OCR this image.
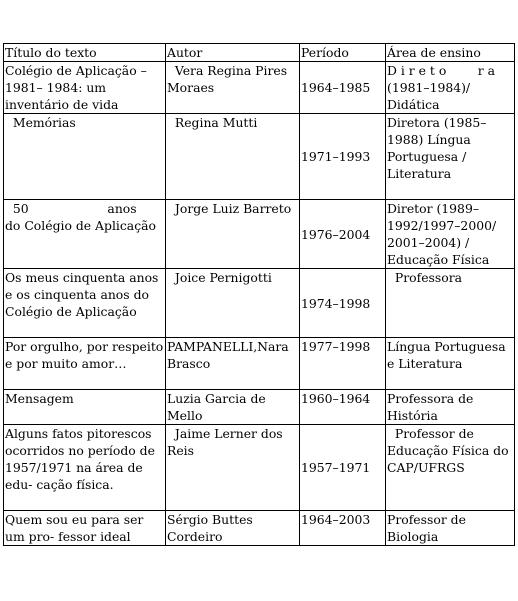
Título do texto	Autor	Período	Área de ensino
Colégio de Aplicação – 1981– 1984: um inventário de vida	Vera Regina Pires Moraes	1964–1985	D i r e t o        r a (1981–1984)/ Didática
Memórias	Regina Mutti	1971–1993	Diretora (1985–1988) Língua Portuguesa / Literatura
50                    anos     do Colégio de Aplicação	Jorge Luiz Barreto	1976–2004	Diretor (1989– 1992/1997–2000/ 2001–2004) / Educação Física
Os meus cinquenta anos e os cinquenta anos do Colégio de Aplicação	Joice Pernigotti	1974–1998	Professora
Por orgulho, por respeito e por muito amor…	PAMPANELLI,Nara  Brasco	1977–1998	Língua Portuguesa e Literatura
Mensagem	Luzia Garcia de Mello	1960–1964	Professora de História
Alguns fatos pitorescos ocorridos no período de 1957/1971 na área de edu- cação física.	Jaime Lerner dos Reis	1957–1971	Professor de Educação Física do CAP/UFRGS
Quem sou eu para ser um pro- fessor ideal	Sérgio Buttes Cordeiro	1964–2003	Professor de Biologia
